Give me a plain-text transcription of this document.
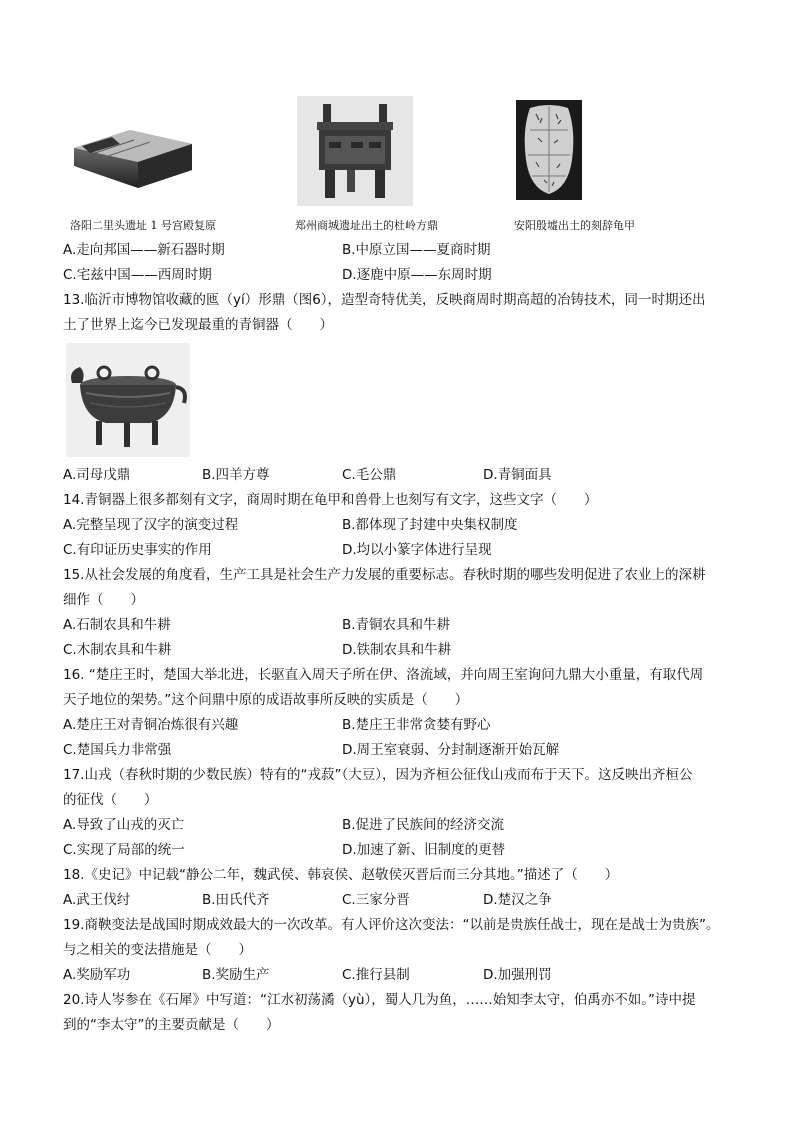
洛阳二里头遗址 1 号宫殿复原	郑州商城遗址出土的杜岭方鼎	安阳殷墟出土的刻辞龟甲
A.走向邦国——新石器时期	B.中原立国——夏商时期
C.宅兹中国——西周时期	D.逐鹿中原——东周时期
13.临沂市博物馆收藏的匜（yí）形鼎（图6），造型奇特优美，反映商周时期高超的冶铸技术，同一时期还出
土了世界上迄今已发现最重的青铜器（　　）
A.司母戊鼎	B.四羊方尊	C.毛公鼎	D.青铜面具
14.青铜器上很多都刻有文字，商周时期在龟甲和兽骨上也刻写有文字，这些文字（　　）
A.完整呈现了汉字的演变过程	B.都体现了封建中央集权制度
C.有印证历史事实的作用	D.均以小篆字体进行呈现
15.从社会发展的角度看，生产工具是社会生产力发展的重要标志。春秋时期的哪些发明促进了农业上的深耕
细作（　　）
A.石制农具和牛耕	B.青铜农具和牛耕
C.木制农具和牛耕	D.铁制农具和牛耕
16. “楚庄王时，楚国大举北进，长驱直入周天子所在伊、洛流域，并向周王室询问九鼎大小重量，有取代周
天子地位的架势。”这个问鼎中原的成语故事所反映的实质是（　　）
A.楚庄王对青铜冶炼很有兴趣	B.楚庄王非常贪婪有野心
C.楚国兵力非常强	D.周王室衰弱、分封制逐渐开始瓦解
17.山戎（春秋时期的少数民族）特有的“戎菽”（大豆），因为齐桓公征伐山戎而布于天下。这反映出齐桓公
的征伐（　　）
A.导致了山戎的灭亡	B.促进了民族间的经济交流
C.实现了局部的统一	D.加速了新、旧制度的更替
18.《史记》中记载“静公二年，魏武侯、韩哀侯、赵敬侯灭晋后而三分其地。”描述了（　　）
A.武王伐纣	B.田氏代齐	C.三家分晋	D.楚汉之争
19.商鞅变法是战国时期成效最大的一次改革。有人评价这次变法：“以前是贵族任战士，现在是战士为贵族”。
与之相关的变法措施是（　　）
A.奖励军功	B.奖励生产	C.推行县制	D.加强刑罚
20.诗人岑参在《石犀》中写道：“江水初荡潏（yù），蜀人几为鱼，……始知李太守，伯禹亦不如。”诗中提
到的“李太守”的主要贡献是（　　）
